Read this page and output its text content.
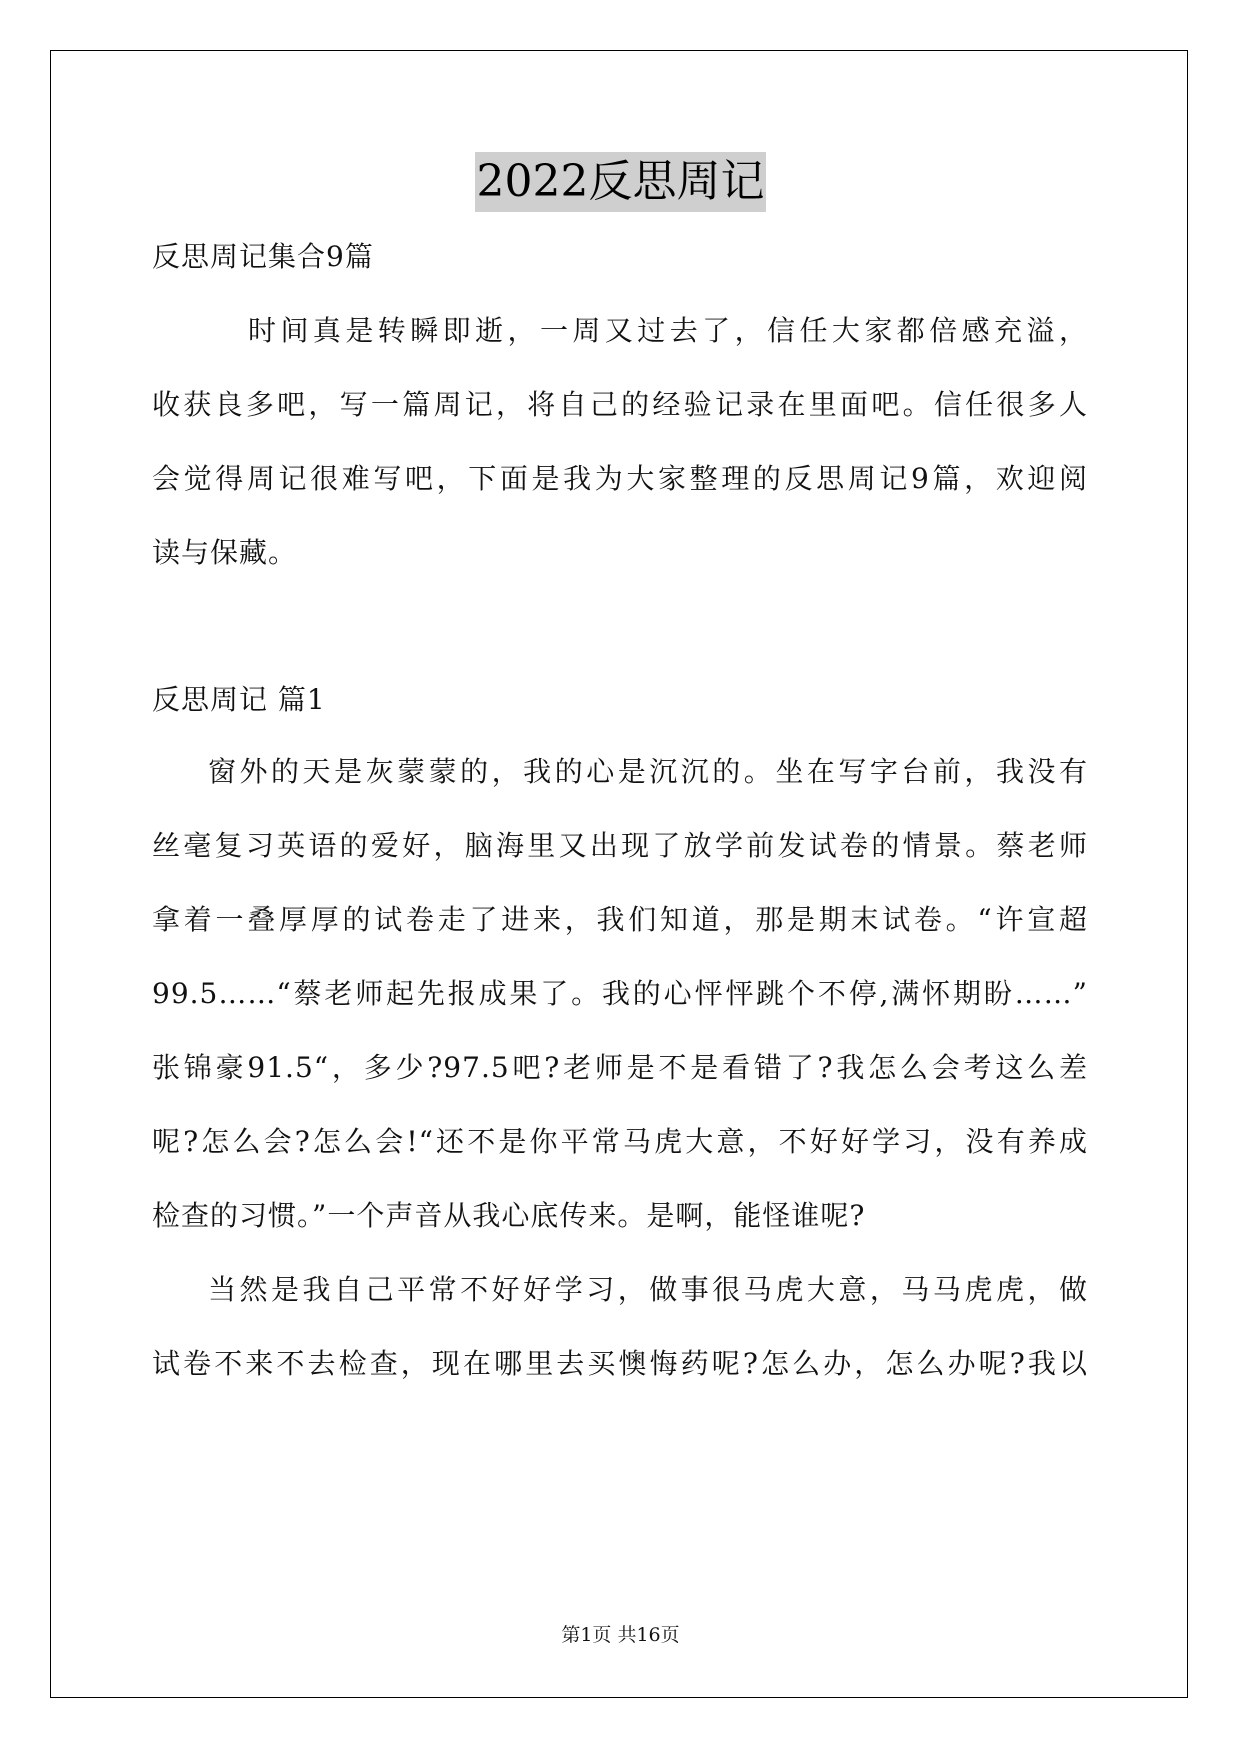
2022反思周记
反思周记集合9篇
时间真是转瞬即逝，一周又过去了，信任大家都倍感充溢，
收获良多吧，写一篇周记，将自己的经验记录在里面吧。信任很多人
会觉得周记很难写吧，下面是我为大家整理的反思周记9篇，欢迎阅
读与保藏。
反思周记 篇1
窗外的天是灰蒙蒙的，我的心是沉沉的。坐在写字台前，我没有
丝毫复习英语的爱好，脑海里又出现了放学前发试卷的情景。蔡老师
拿着一叠厚厚的试卷走了进来，我们知道，那是期末试卷。“许宣超
99.5……“蔡老师起先报成果了。我的心怦怦跳个不停,满怀期盼……”
张锦豪91.5“，多少?97.5吧?老师是不是看错了?我怎么会考这么差
呢?怎么会?怎么会!“还不是你平常马虎大意，不好好学习，没有养成
检查的习惯。”一个声音从我心底传来。是啊，能怪谁呢?
当然是我自己平常不好好学习，做事很马虎大意，马马虎虎，做
试卷不来不去检查，现在哪里去买懊悔药呢?怎么办，怎么办呢?我以
第1页 共16页
